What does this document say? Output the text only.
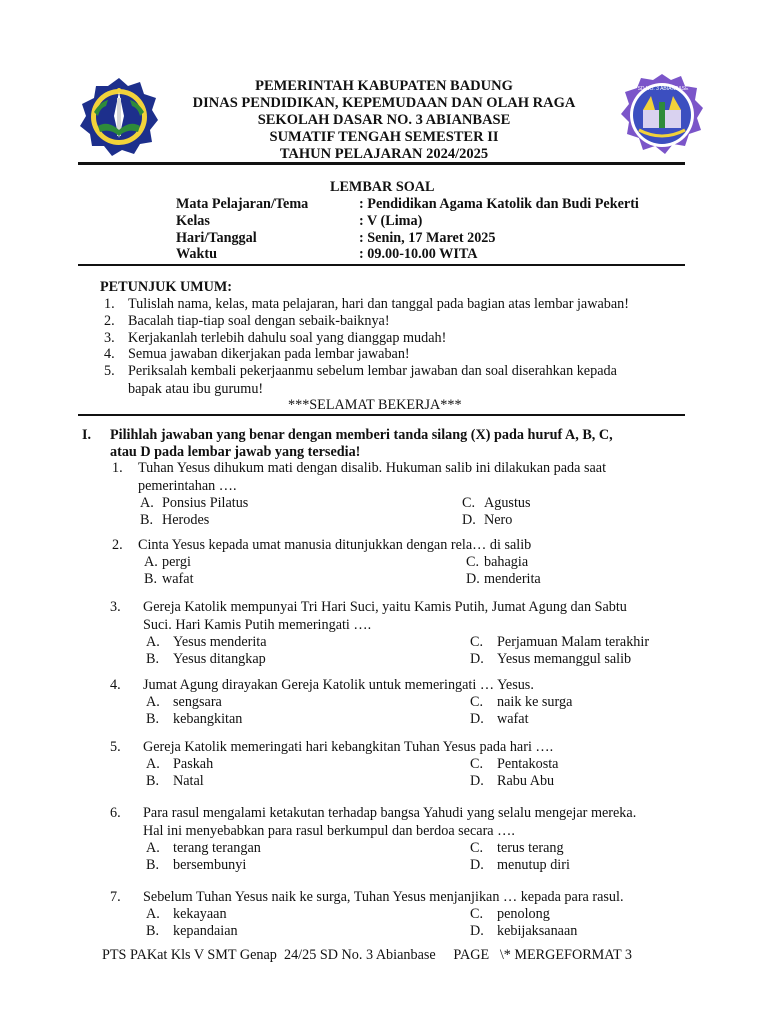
SD NO. 3 ABIANBASE
PEMERINTAH KABUPATEN BADUNG
DINAS PENDIDIKAN, KEPEMUDAAN DAN OLAH RAGA
SEKOLAH DASAR NO. 3 ABIANBASE
SUMATIF TENGAH SEMESTER II
TAHUN PELAJARAN 2024/2025
LEMBAR SOAL
Mata Pelajaran/Tema	: Pendidikan Agama Katolik dan Budi Pekerti
Kelas	: V (Lima)
Hari/Tanggal	: Senin, 17 Maret 2025
Waktu	: 09.00-10.00 WITA
PETUNJUK UMUM:
1. Tulislah nama, kelas, mata pelajaran, hari dan tanggal pada bagian atas lembar jawaban!
2. Bacalah tiap-tiap soal dengan sebaik-baiknya!
3. Kerjakanlah terlebih dahulu soal yang dianggap mudah!
4. Semua jawaban dikerjakan pada lembar jawaban!
5. Periksalah kembali pekerjaanmu sebelum lembar jawaban dan soal diserahkan kepada
bapak atau ibu gurumu!
***SELAMAT BEKERJA***
I. Pilihlah jawaban yang benar dengan memberi tanda silang (X) pada huruf A, B, C,
atau D pada lembar jawab yang tersedia!
1. Tuhan Yesus dihukum mati dengan disalib. Hukuman salib ini dilakukan pada saat
pemerintahan ….
A. Ponsius Pilatus	C. Agustus
B. Herodes	D. Nero
2. Cinta Yesus kepada umat manusia ditunjukkan dengan rela… di salib
A. pergi	C. bahagia
B. wafat	D. menderita
3. Gereja Katolik mempunyai Tri Hari Suci, yaitu Kamis Putih, Jumat Agung dan Sabtu
Suci. Hari Kamis Putih memeringati ….
A. Yesus menderita	C. Perjamuan Malam terakhir
B. Yesus ditangkap	D. Yesus memanggul salib
4. Jumat Agung dirayakan Gereja Katolik untuk memeringati … Yesus.
A. sengsara	C. naik ke surga
B. kebangkitan	D. wafat
5. Gereja Katolik memeringati hari kebangkitan Tuhan Yesus pada hari ….
A. Paskah	C. Pentakosta
B. Natal	D. Rabu Abu
6. Para rasul mengalami ketakutan terhadap bangsa Yahudi yang selalu mengejar mereka.
Hal ini menyebabkan para rasul berkumpul dan berdoa secara ….
A. terang terangan	C. terus terang
B. bersembunyi	D. menutup diri
7. Sebelum Tuhan Yesus naik ke surga, Tuhan Yesus menjanjikan … kepada para rasul.
A. kekayaan	C. penolong
B. kepandaian	D. kebijaksanaan
PTS PAKat Kls V SMT Genap  24/25 SD No. 3 Abianbase     PAGE   \* MERGEFORMAT 3
